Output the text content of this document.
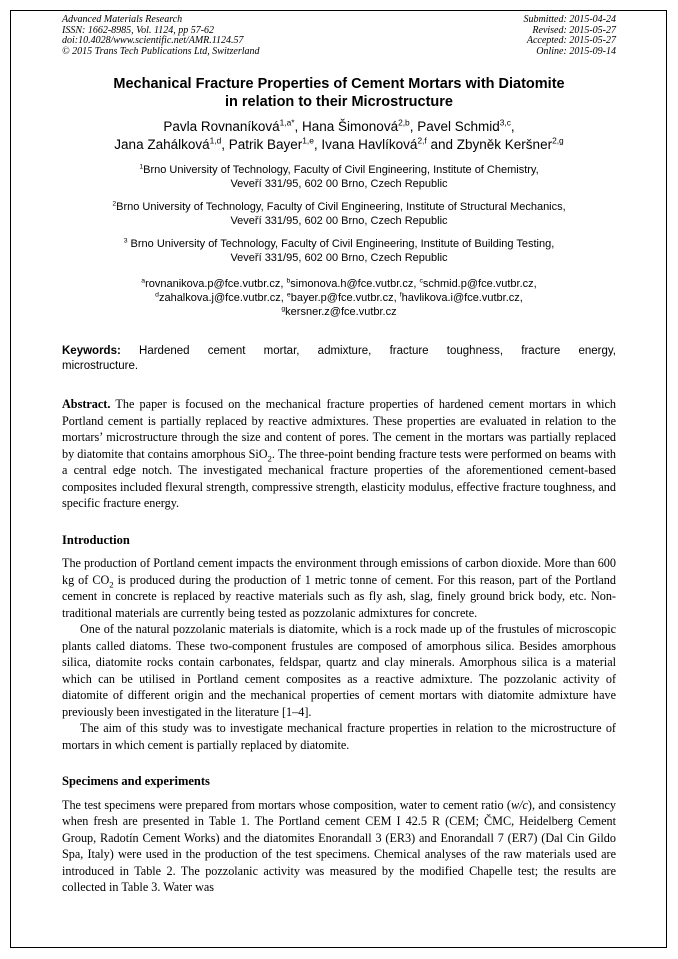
Advanced Materials Research
ISSN: 1662-8985, Vol. 1124, pp 57-62
doi:10.4028/www.scientific.net/AMR.1124.57
© 2015 Trans Tech Publications Ltd, Switzerland
Submitted: 2015-04-24
Revised: 2015-05-27
Accepted: 2015-05-27
Online: 2015-09-14
Mechanical Fracture Properties of Cement Mortars with Diatomite
in relation to their Microstructure
Pavla Rovnaníková$^{1,a*}$, Hana Šimonová$^{2,b}$, Pavel Schmid$^{3,c}$,
Jana Zahálková$^{1,d}$, Patrik Bayer$^{1,e}$, Ivana Havlíková$^{2,f}$ and Zbyněk Keršner$^{2,g}$
$^1$Brno University of Technology, Faculty of Civil Engineering, Institute of Chemistry,
Veveří 331/95, 602 00 Brno, Czech Republic
$^2$Brno University of Technology, Faculty of Civil Engineering, Institute of Structural Mechanics,
Veveří 331/95, 602 00 Brno, Czech Republic
$^3$ Brno University of Technology, Faculty of Civil Engineering, Institute of Building Testing,
Veveří 331/95, 602 00 Brno, Czech Republic
$^a$rovnanikova.p@fce.vutbr.cz, $^b$simonova.h@fce.vutbr.cz, $^c$schmid.p@fce.vutbr.cz,
$^d$zahalkova.j@fce.vutbr.cz, $^e$bayer.p@fce.vutbr.cz, $^f$havlikova.i@fce.vutbr.cz,
$^g$kersner.z@fce.vutbr.cz

Keywords: Hardened cement mortar, admixture, fracture toughness, fracture energy,
microstructure.

Abstract. The paper is focused on the mechanical fracture properties of hardened cement mortars in which Portland cement is partially replaced by reactive admixtures. These properties are evaluated in relation to the mortars’ microstructure through the size and content of pores. The cement in the mortars was partially replaced by diatomite that contains amorphous SiO$_2$. The three-point bending fracture tests were performed on beams with a central edge notch. The investigated mechanical fracture properties of the aforementioned cement-based composites included flexural strength, compressive strength, elasticity modulus, effective fracture toughness, and specific fracture energy.

Introduction

The production of Portland cement impacts the environment through emissions of carbon dioxide. More than 600 kg of $CO_2$ is produced during the production of 1 metric tonne of cement. For this reason, part of the Portland cement in concrete is replaced by reactive materials such as fly ash, slag, finely ground brick body, etc. Non-traditional materials are currently being tested as pozzolanic admixtures for concrete.

One of the natural pozzolanic materials is diatomite, which is a rock made up of the frustules of microscopic plants called diatoms. These two-component frustules are composed of amorphous silica. Besides amorphous silica, diatomite rocks contain carbonates, feldspar, quartz and clay minerals. Amorphous silica is a material which can be utilised in Portland cement composites as a reactive admixture. The pozzolanic activity of diatomite of different origin and the mechanical properties of cement mortars with diatomite admixture have previously been investigated in the literature [1–4].

The aim of this study was to investigate mechanical fracture properties in relation to the microstructure of mortars in which cement is partially replaced by diatomite.

Specimens and experiments

The test specimens were prepared from mortars whose composition, water to cement ratio (w/c), and consistency when fresh are presented in Table 1. The Portland cement CEM I 42.5 R (CEM; ČMC, Heidelberg Cement Group, Radotín Cement Works) and the diatomites Enorandall 3 (ER3) and Enorandall 7 (ER7) (Dal Cin Gildo Spa, Italy) were used in the production of the test specimens. Chemical analyses of the raw materials used are introduced in Table 2. The pozzolanic activity was measured by the modified Chapelle test; the results are collected in Table 3. Water was
